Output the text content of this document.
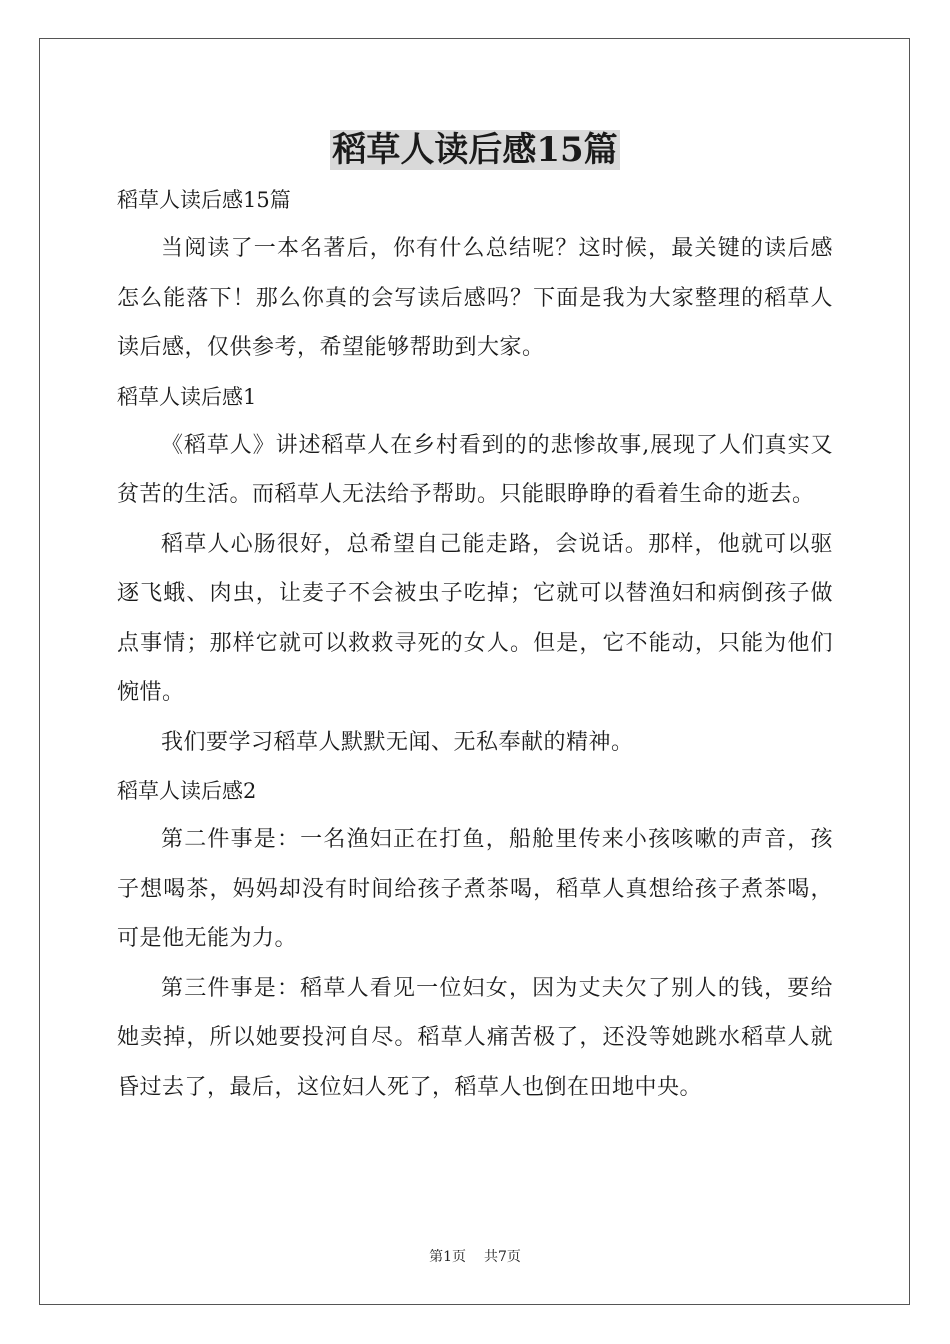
稻草人读后感15篇

稻草人读后感15篇

当阅读了一本名著后，你有什么总结呢？这时候，最关键的读后感怎么能落下！那么你真的会写读后感吗？下面是我为大家整理的稻草人读后感，仅供参考，希望能够帮助到大家。

稻草人读后感1

《稻草人》讲述稻草人在乡村看到的的悲惨故事,展现了人们真实又贫苦的生活。而稻草人无法给予帮助。只能眼睁睁的看着生命的逝去。

稻草人心肠很好，总希望自己能走路，会说话。那样，他就可以驱逐飞蛾、肉虫，让麦子不会被虫子吃掉；它就可以替渔妇和病倒孩子做点事情；那样它就可以救救寻死的女人。但是，它不能动，只能为他们惋惜。

我们要学习稻草人默默无闻、无私奉献的精神。

稻草人读后感2

第二件事是：一名渔妇正在打鱼，船舱里传来小孩咳嗽的声音，孩子想喝茶，妈妈却没有时间给孩子煮茶喝，稻草人真想给孩子煮茶喝，可是他无能为力。

第三件事是：稻草人看见一位妇女，因为丈夫欠了别人的钱，要给她卖掉，所以她要投河自尽。稻草人痛苦极了，还没等她跳水稻草人就昏过去了，最后，这位妇人死了，稻草人也倒在田地中央。

第1页 共7页
